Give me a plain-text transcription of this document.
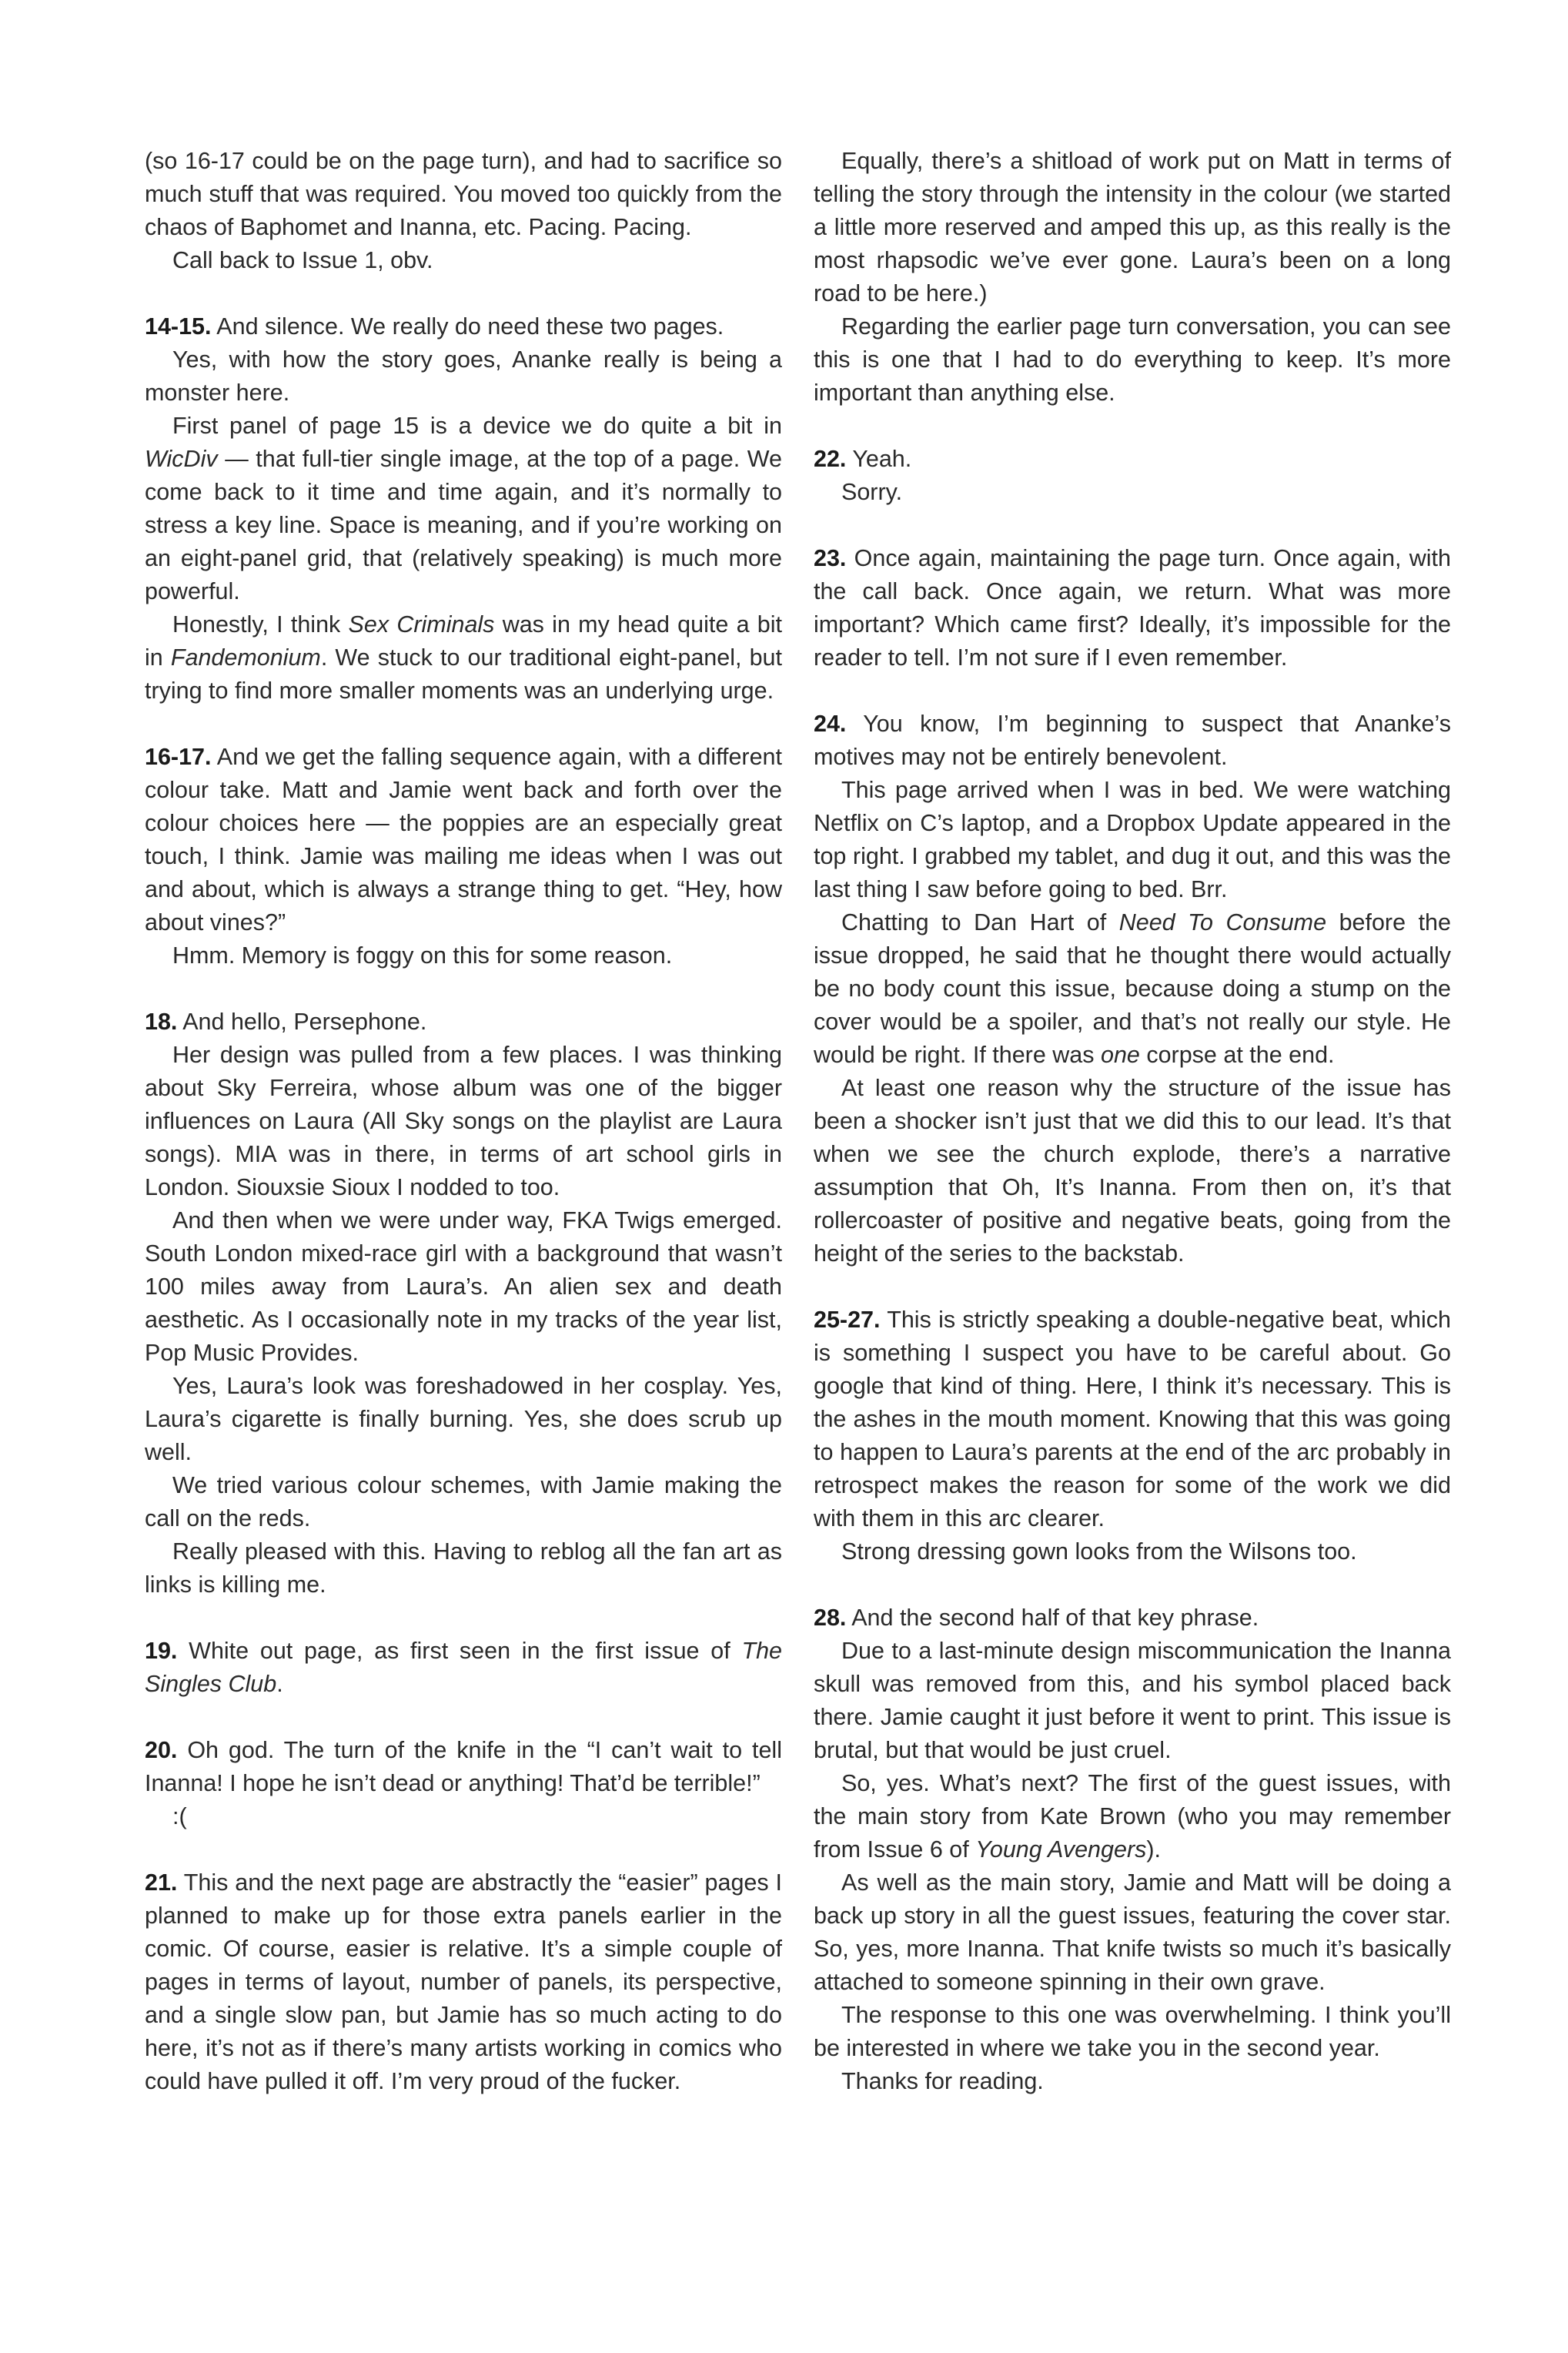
(so 16-17 could be on the page turn), and had to sacrifice so much stuff that was required. You moved too quickly from the chaos of Baphomet and Inanna, etc. Pacing. Pacing.

Call back to Issue 1, obv.

14-15. And silence. We really do need these two pages.

Yes, with how the story goes, Ananke really is being a monster here.

First panel of page 15 is a device we do quite a bit in WicDiv — that full-tier single image, at the top of a page. We come back to it time and time again, and it’s normally to stress a key line. Space is meaning, and if you’re working on an eight-panel grid, that (relatively speaking) is much more powerful.

Honestly, I think Sex Criminals was in my head quite a bit in Fandemonium. We stuck to our traditional eight-panel, but trying to find more smaller moments was an underlying urge.

16-17. And we get the falling sequence again, with a different colour take. Matt and Jamie went back and forth over the colour choices here — the poppies are an especially great touch, I think. Jamie was mailing me ideas when I was out and about, which is always a strange thing to get. “Hey, how about vines?”

Hmm. Memory is foggy on this for some reason.

18. And hello, Persephone.

Her design was pulled from a few places. I was thinking about Sky Ferreira, whose album was one of the bigger influences on Laura (All Sky songs on the playlist are Laura songs). MIA was in there, in terms of art school girls in London. Siouxsie Sioux I nodded to too.

And then when we were under way, FKA Twigs emerged. South London mixed-race girl with a background that wasn’t 100 miles away from Laura’s. An alien sex and death aesthetic. As I occasionally note in my tracks of the year list, Pop Music Provides.

Yes, Laura’s look was foreshadowed in her cosplay. Yes, Laura’s cigarette is finally burning. Yes, she does scrub up well.

We tried various colour schemes, with Jamie making the call on the reds.

Really pleased with this. Having to reblog all the fan art as links is killing me.

19. White out page, as first seen in the first issue of The Singles Club.

20. Oh god. The turn of the knife in the “I can’t wait to tell Inanna! I hope he isn’t dead or anything! That’d be terrible!”

:(

21. This and the next page are abstractly the “easier” pages I planned to make up for those extra panels earlier in the comic. Of course, easier is relative. It’s a simple couple of pages in terms of layout, number of panels, its perspective, and a single slow pan, but Jamie has so much acting to do here, it’s not as if there’s many artists working in comics who could have pulled it off. I’m very proud of the fucker.

Equally, there’s a shitload of work put on Matt in terms of telling the story through the intensity in the colour (we started a little more reserved and amped this up, as this really is the most rhapsodic we’ve ever gone. Laura’s been on a long road to be here.)

Regarding the earlier page turn conversation, you can see this is one that I had to do everything to keep. It’s more important than anything else.

22. Yeah.

Sorry.

23. Once again, maintaining the page turn. Once again, with the call back. Once again, we return. What was more important? Which came first? Ideally, it’s impossible for the reader to tell. I’m not sure if I even remember.

24. You know, I’m beginning to suspect that Ananke’s motives may not be entirely benevolent.

This page arrived when I was in bed. We were watching Netflix on C’s laptop, and a Dropbox Update appeared in the top right. I grabbed my tablet, and dug it out, and this was the last thing I saw before going to bed. Brr.

Chatting to Dan Hart of Need To Consume before the issue dropped, he said that he thought there would actually be no body count this issue, because doing a stump on the cover would be a spoiler, and that’s not really our style. He would be right. If there was one corpse at the end.

At least one reason why the structure of the issue has been a shocker isn’t just that we did this to our lead. It’s that when we see the church explode, there’s a narrative assumption that Oh, It’s Inanna. From then on, it’s that rollercoaster of positive and negative beats, going from the height of the series to the backstab.

25-27. This is strictly speaking a double-negative beat, which is something I suspect you have to be careful about. Go google that kind of thing. Here, I think it’s necessary. This is the ashes in the mouth moment. Knowing that this was going to happen to Laura’s parents at the end of the arc probably in retrospect makes the reason for some of the work we did with them in this arc clearer.

Strong dressing gown looks from the Wilsons too.

28. And the second half of that key phrase.

Due to a last-minute design miscommunication the Inanna skull was removed from this, and his symbol placed back there. Jamie caught it just before it went to print. This issue is brutal, but that would be just cruel.

So, yes. What’s next? The first of the guest issues, with the main story from Kate Brown (who you may remember from Issue 6 of Young Avengers).

As well as the main story, Jamie and Matt will be doing a back up story in all the guest issues, featuring the cover star. So, yes, more Inanna. That knife twists so much it’s basically attached to someone spinning in their own grave.

The response to this one was overwhelming. I think you’ll be interested in where we take you in the second year.

Thanks for reading.
